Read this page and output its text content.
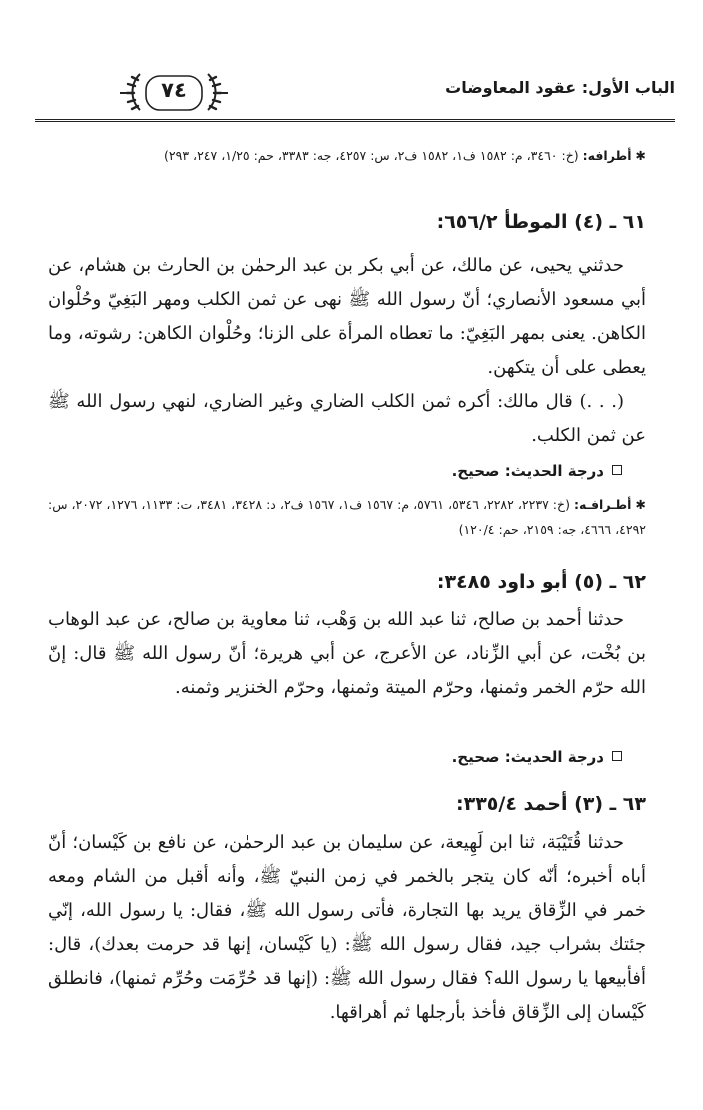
الباب الأول: عقود المعاوضات
٧٤
✱ أطرافه: (خ: ٣٤٦٠، م: ١٥٨٢ ف١، ١٥٨٢ ف٢، س: ٤٢٥٧، جه: ٣٣٨٣، حم: ١/٢٥، ٢٤٧، ٢٩٣)
٦١ ـ (٤) الموطأ ٦٥٦/٢:
حدثني يحيى، عن مالك، عن أبي بكر بن عبد الرحمٰن بن الحارث بن هشام، عن أبي مسعود الأنصاري؛ أنّ رسول الله ﷺ نهى عن ثمن الكلب ومهر البَغِيّ وحُلْوان الكاهن. يعنى بمهر البَغِيّ: ما تعطاه المرأة على الزنا؛ وحُلْوان الكاهن: رشوته، وما يعطى على أن يتكهن.
(. . .) قال مالك: أكره ثمن الكلب الضاري وغير الضاري، لنهي رسول الله ﷺ عن ثمن الكلب.
درجة الحديث: صحيح.
✱ أطـراف‍ـه: (خ: ٢٢٣٧، ٢٢٨٢، ٥٣٤٦، ٥٧٦١، م: ١٥٦٧ ف١، ١٥٦٧ ف٢، د: ٣٤٢٨، ٣٤٨١، ت: ١١٣٣، ١٢٧٦، ٢٠٧٢، س: ٤٢٩٢، ٤٦٦٦، جه: ٢١٥٩، حم: ١٢٠/٤)
٦٢ ـ (٥) أبو داود ٣٤٨٥:
حدثنا أحمد بن صالح، ثنا عبد الله بن وَهْب، ثنا معاوية بن صالح، عن عبد الوهاب بن بُخْت، عن أبي الزِّناد، عن الأعرج، عن أبي هريرة؛ أنّ رسول الله ﷺ قال: إنّ الله حرّم الخمر وثمنها، وحرّم الميتة وثمنها، وحرّم الخنزير وثمنه.
درجة الحديث: صحيح.
٦٣ ـ (٣) أحمد ٣٣٥/٤:
حدثنا قُتَيْبَة، ثنا ابن لَهِيعة، عن سليمان بن عبد الرحمٰن، عن نافع بن كَيْسان؛ أنّ أباه أخبره؛ أنّه كان يتجر بالخمر في زمن النبيّ ﷺ، وأنه أقبل من الشام ومعه خمر في الزِّقاق يريد بها التجارة، فأتى رسول الله ﷺ، فقال: يا رسول الله، إنّي جئتك بشراب جيد، فقال رسول الله ﷺ: (يا كَيْسان، إنها قد حرمت بعدك)، قال: أفأبيعها يا رسول الله؟ فقال رسول الله ﷺ: (إنها قد حُرِّمَت وحُرِّم ثمنها)، فانطلق كَيْسان إلى الزِّقاق فأخذ بأرجلها ثم أهراقها.
